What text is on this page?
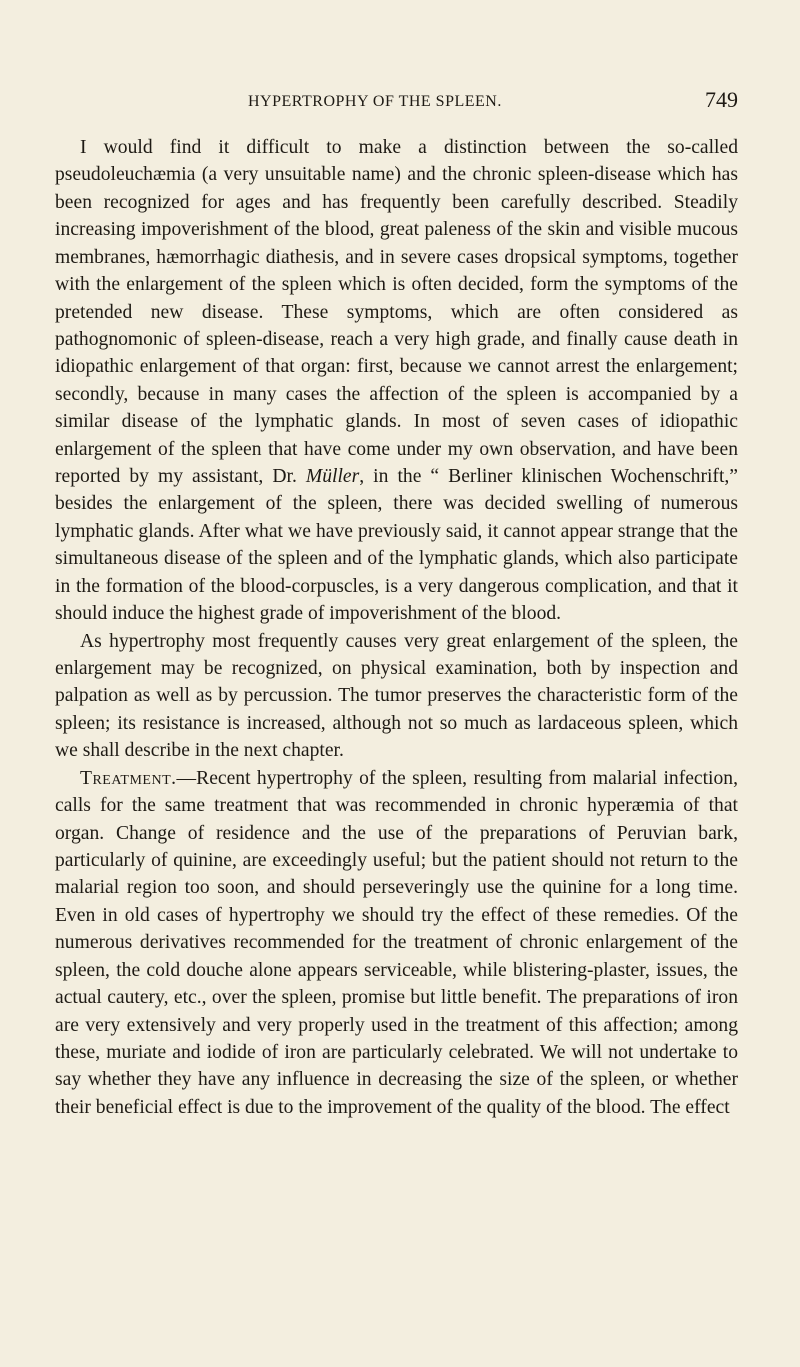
HYPERTROPHY OF THE SPLEEN.	749

I would find it difficult to make a distinction between the so-called pseudoleuchæmia (a very unsuitable name) and the chronic spleen-disease which has been recognized for ages and has frequently been carefully described. Steadily increasing impoverishment of the blood, great paleness of the skin and visible mucous membranes, hæmorrhagic diathesis, and in severe cases dropsical symptoms, together with the enlargement of the spleen which is often decided, form the symptoms of the pretended new disease. These symptoms, which are often considered as pathognomonic of spleen-disease, reach a very high grade, and finally cause death in idiopathic enlargement of that organ: first, because we cannot arrest the enlargement; secondly, because in many cases the affection of the spleen is accompanied by a similar disease of the lymphatic glands. In most of seven cases of idiopathic enlargement of the spleen that have come under my own observation, and have been reported by my assistant, Dr. Müller, in the “ Berliner klinischen Wochenschrift,” besides the enlargement of the spleen, there was decided swelling of numerous lymphatic glands. After what we have previously said, it cannot appear strange that the simultaneous disease of the spleen and of the lymphatic glands, which also participate in the formation of the blood-corpuscles, is a very dangerous complication, and that it should induce the highest grade of impoverishment of the blood.

As hypertrophy most frequently causes very great enlargement of the spleen, the enlargement may be recognized, on physical examination, both by inspection and palpation as well as by percussion. The tumor preserves the characteristic form of the spleen; its resistance is increased, although not so much as lardaceous spleen, which we shall describe in the next chapter.

Treatment.—Recent hypertrophy of the spleen, resulting from malarial infection, calls for the same treatment that was recommended in chronic hyperæmia of that organ. Change of residence and the use of the preparations of Peruvian bark, particularly of quinine, are exceedingly useful; but the patient should not return to the malarial region too soon, and should perseveringly use the quinine for a long time. Even in old cases of hypertrophy we should try the effect of these remedies. Of the numerous derivatives recommended for the treatment of chronic enlargement of the spleen, the cold douche alone appears serviceable, while blistering-plaster, issues, the actual cautery, etc., over the spleen, promise but little benefit. The preparations of iron are very extensively and very properly used in the treatment of this affection; among these, muriate and iodide of iron are particularly celebrated. We will not undertake to say whether they have any influence in decreasing the size of the spleen, or whether their beneficial effect is due to the improvement of the quality of the blood. The effect
